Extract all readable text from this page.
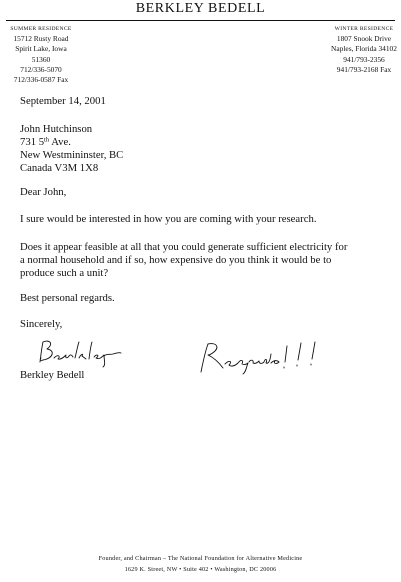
BERKLEY BEDELL
SUMMER RESIDENCE
15712 Rusty Road
Spirit Lake, Iowa 51360
712/336-5070
712/336-0587 Fax
WINTER RESIDENCE
1807 Snook Drive
Naples, Florida 34102
941/793-2356
941/793-2168 Fax
September 14, 2001
John Hutchinson
731 5th Ave.
New Westmininster, BC
Canada V3M 1X8
Dear John,
I sure would be interested in how you are coming with your research.
Does it appear feasible at all that you could generate sufficient electricity for
a normal household and if so, how expensive do you think it would be to
produce such a unit?
Best personal regards.
Sincerely,
Berkley Bedell
Founder, and Chairman – The National Foundation for Alternative Medicine
1629 K. Street, NW • Suite 402 • Washington, DC 20006
